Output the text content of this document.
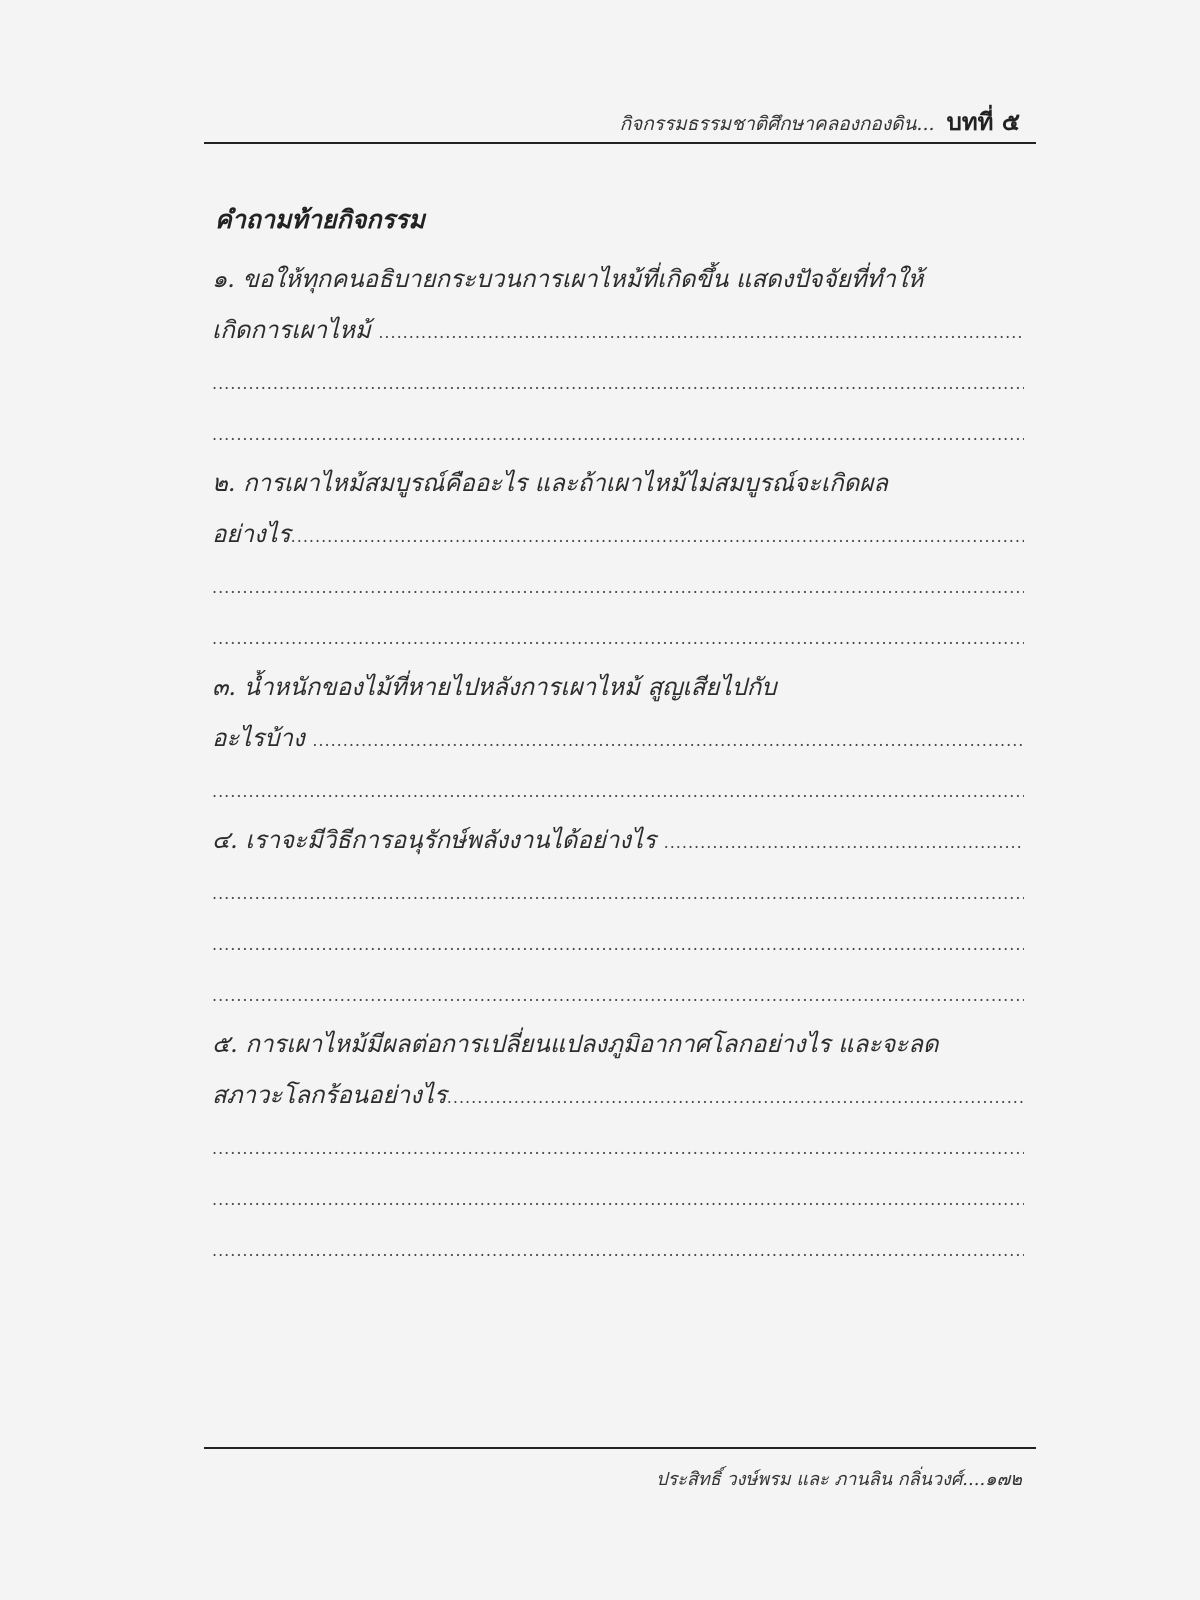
กิจกรรมธรรมชาติศึกษาคลองกองดิน... บทที่ ๕
คำถามท้ายกิจกรรม
๑. ขอให้ทุกคนอธิบายกระบวนการเผาไหม้ที่เกิดขึ้น แสดงปัจจัยที่ทำให้
เกิดการเผาไหม้ .....
.....
.....
๒. การเผาไหม้สมบูรณ์คืออะไร และถ้าเผาไหม้ไม่สมบูรณ์จะเกิดผล
อย่างไร .....
.....
.....
๓. น้ำหนักของไม้ที่หายไปหลังการเผาไหม้ สูญเสียไปกับ
อะไรบ้าง .....
.....
๔. เราจะมีวิธีการอนุรักษ์พลังงานได้อย่างไร .....
.....
.....
.....
๕. การเผาไหม้มีผลต่อการเปลี่ยนแปลงภูมิอากาศโลกอย่างไร และจะลด
สภาวะโลกร้อนอย่างไร .....
.....
.....
.....
ประสิทธิ์ วงษ์พรม และ ภานลิน กลิ่นวงศ์....๑๗๒
